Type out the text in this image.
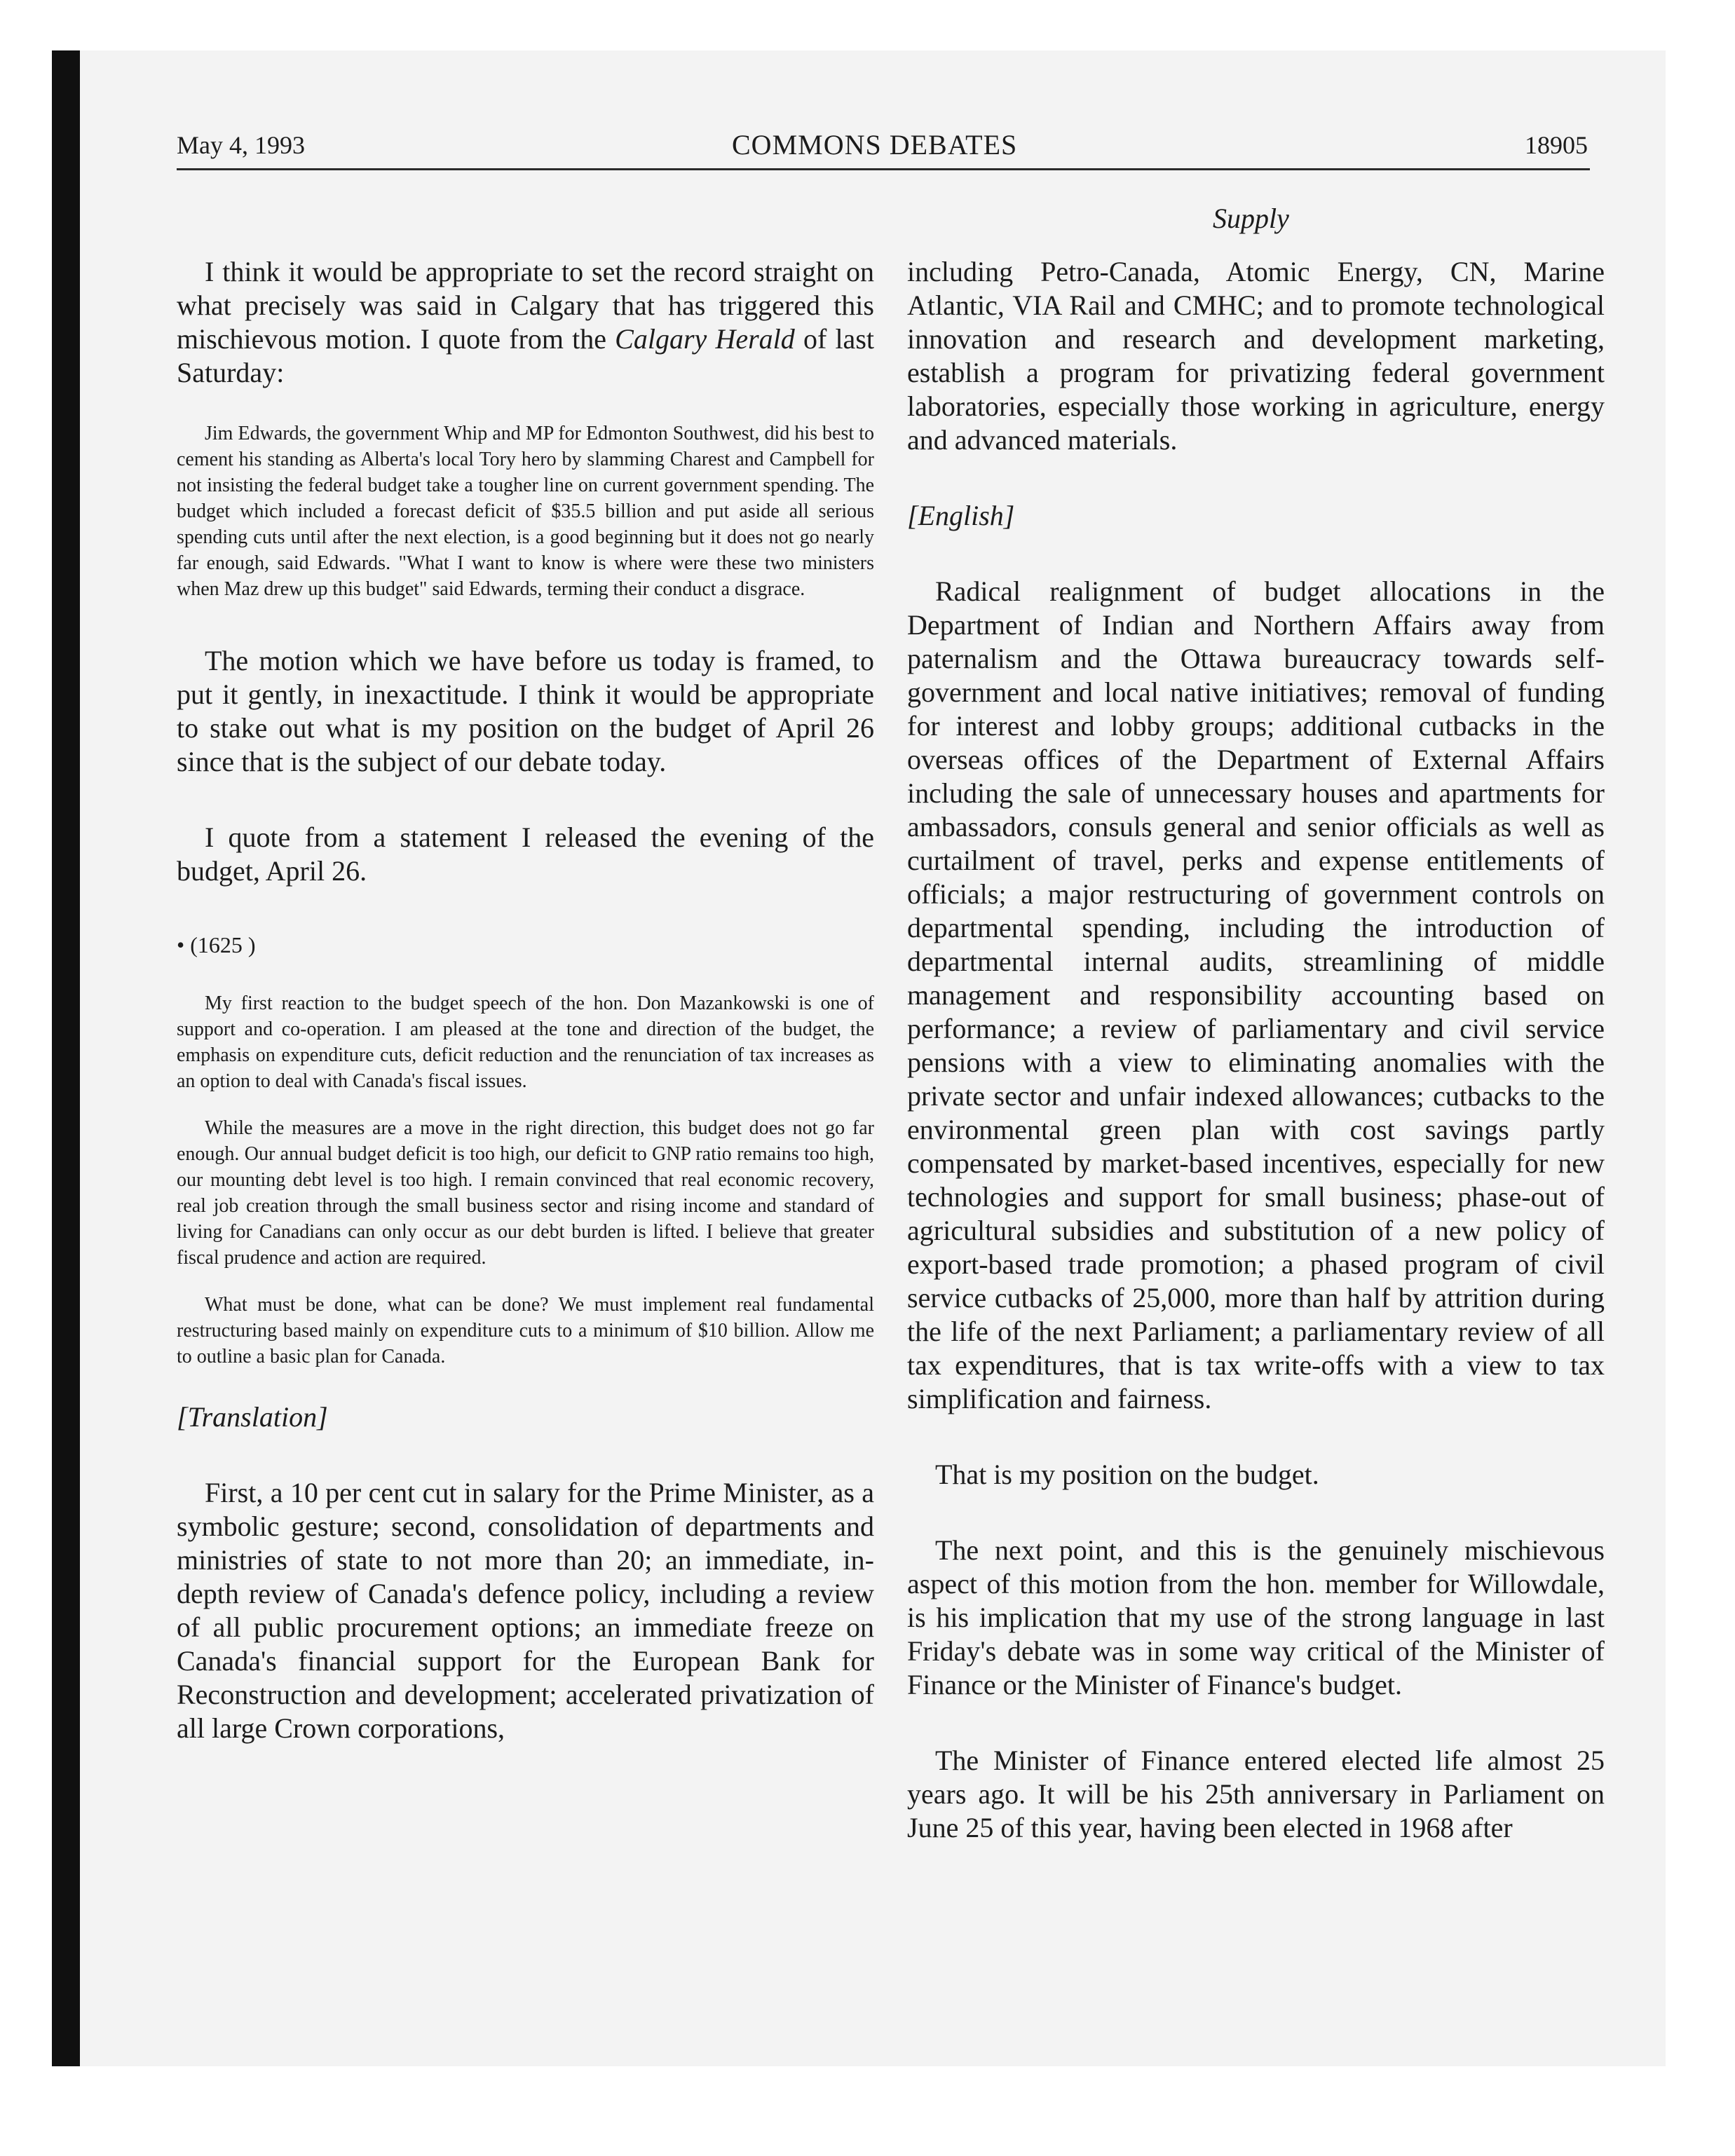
May 4, 1993	COMMONS DEBATES	18905
Supply

I think it would be appropriate to set the record straight on what precisely was said in Calgary that has triggered this mischievous motion. I quote from the Calgary Herald of last Saturday:

Jim Edwards, the government Whip and MP for Edmonton Southwest, did his best to cement his standing as Alberta's local Tory hero by slamming Charest and Campbell for not insisting the federal budget take a tougher line on current government spending. The budget which included a forecast deficit of $35.5 billion and put aside all serious spending cuts until after the next election, is a good beginning but it does not go nearly far enough, said Edwards. "What I want to know is where were these two ministers when Maz drew up this budget" said Edwards, terming their conduct a disgrace.

The motion which we have before us today is framed, to put it gently, in inexactitude. I think it would be appropriate to stake out what is my position on the budget of April 26 since that is the subject of our debate today.

I quote from a statement I released the evening of the budget, April 26.

• (1625 )

My first reaction to the budget speech of the hon. Don Mazankowski is one of support and co-operation. I am pleased at the tone and direction of the budget, the emphasis on expenditure cuts, deficit reduction and the renunciation of tax increases as an option to deal with Canada's fiscal issues.

While the measures are a move in the right direction, this budget does not go far enough. Our annual budget deficit is too high, our deficit to GNP ratio remains too high, our mounting debt level is too high. I remain convinced that real economic recovery, real job creation through the small business sector and rising income and standard of living for Canadians can only occur as our debt burden is lifted. I believe that greater fiscal prudence and action are required.

What must be done, what can be done? We must implement real fundamental restructuring based mainly on expenditure cuts to a minimum of $10 billion. Allow me to outline a basic plan for Canada.

[Translation]

First, a 10 per cent cut in salary for the Prime Minister, as a symbolic gesture; second, consolidation of departments and ministries of state to not more than 20; an immediate, in-depth review of Canada's defence policy, including a review of all public procurement options; an immediate freeze on Canada's financial support for the European Bank for Reconstruction and development; accelerated privatization of all large Crown corporations,

including Petro-Canada, Atomic Energy, CN, Marine Atlantic, VIA Rail and CMHC; and to promote technological innovation and research and development marketing, establish a program for privatizing federal government laboratories, especially those working in agriculture, energy and advanced materials.

[English]

Radical realignment of budget allocations in the Department of Indian and Northern Affairs away from paternalism and the Ottawa bureaucracy towards self-government and local native initiatives; removal of funding for interest and lobby groups; additional cutbacks in the overseas offices of the Department of External Affairs including the sale of unnecessary houses and apartments for ambassadors, consuls general and senior officials as well as curtailment of travel, perks and expense entitlements of officials; a major restructuring of government controls on departmental spending, including the introduction of departmental internal audits, streamlining of middle management and responsibility accounting based on performance; a review of parliamentary and civil service pensions with a view to eliminating anomalies with the private sector and unfair indexed allowances; cutbacks to the environmental green plan with cost savings partly compensated by market-based incentives, especially for new technologies and support for small business; phase-out of agricultural subsidies and substitution of a new policy of export-based trade promotion; a phased program of civil service cutbacks of 25,000, more than half by attrition during the life of the next Parliament; a parliamentary review of all tax expenditures, that is tax write-offs with a view to tax simplification and fairness.

That is my position on the budget.

The next point, and this is the genuinely mischievous aspect of this motion from the hon. member for Willowdale, is his implication that my use of the strong language in last Friday's debate was in some way critical of the Minister of Finance or the Minister of Finance's budget.

The Minister of Finance entered elected life almost 25 years ago. It will be his 25th anniversary in Parliament on June 25 of this year, having been elected in 1968 after
